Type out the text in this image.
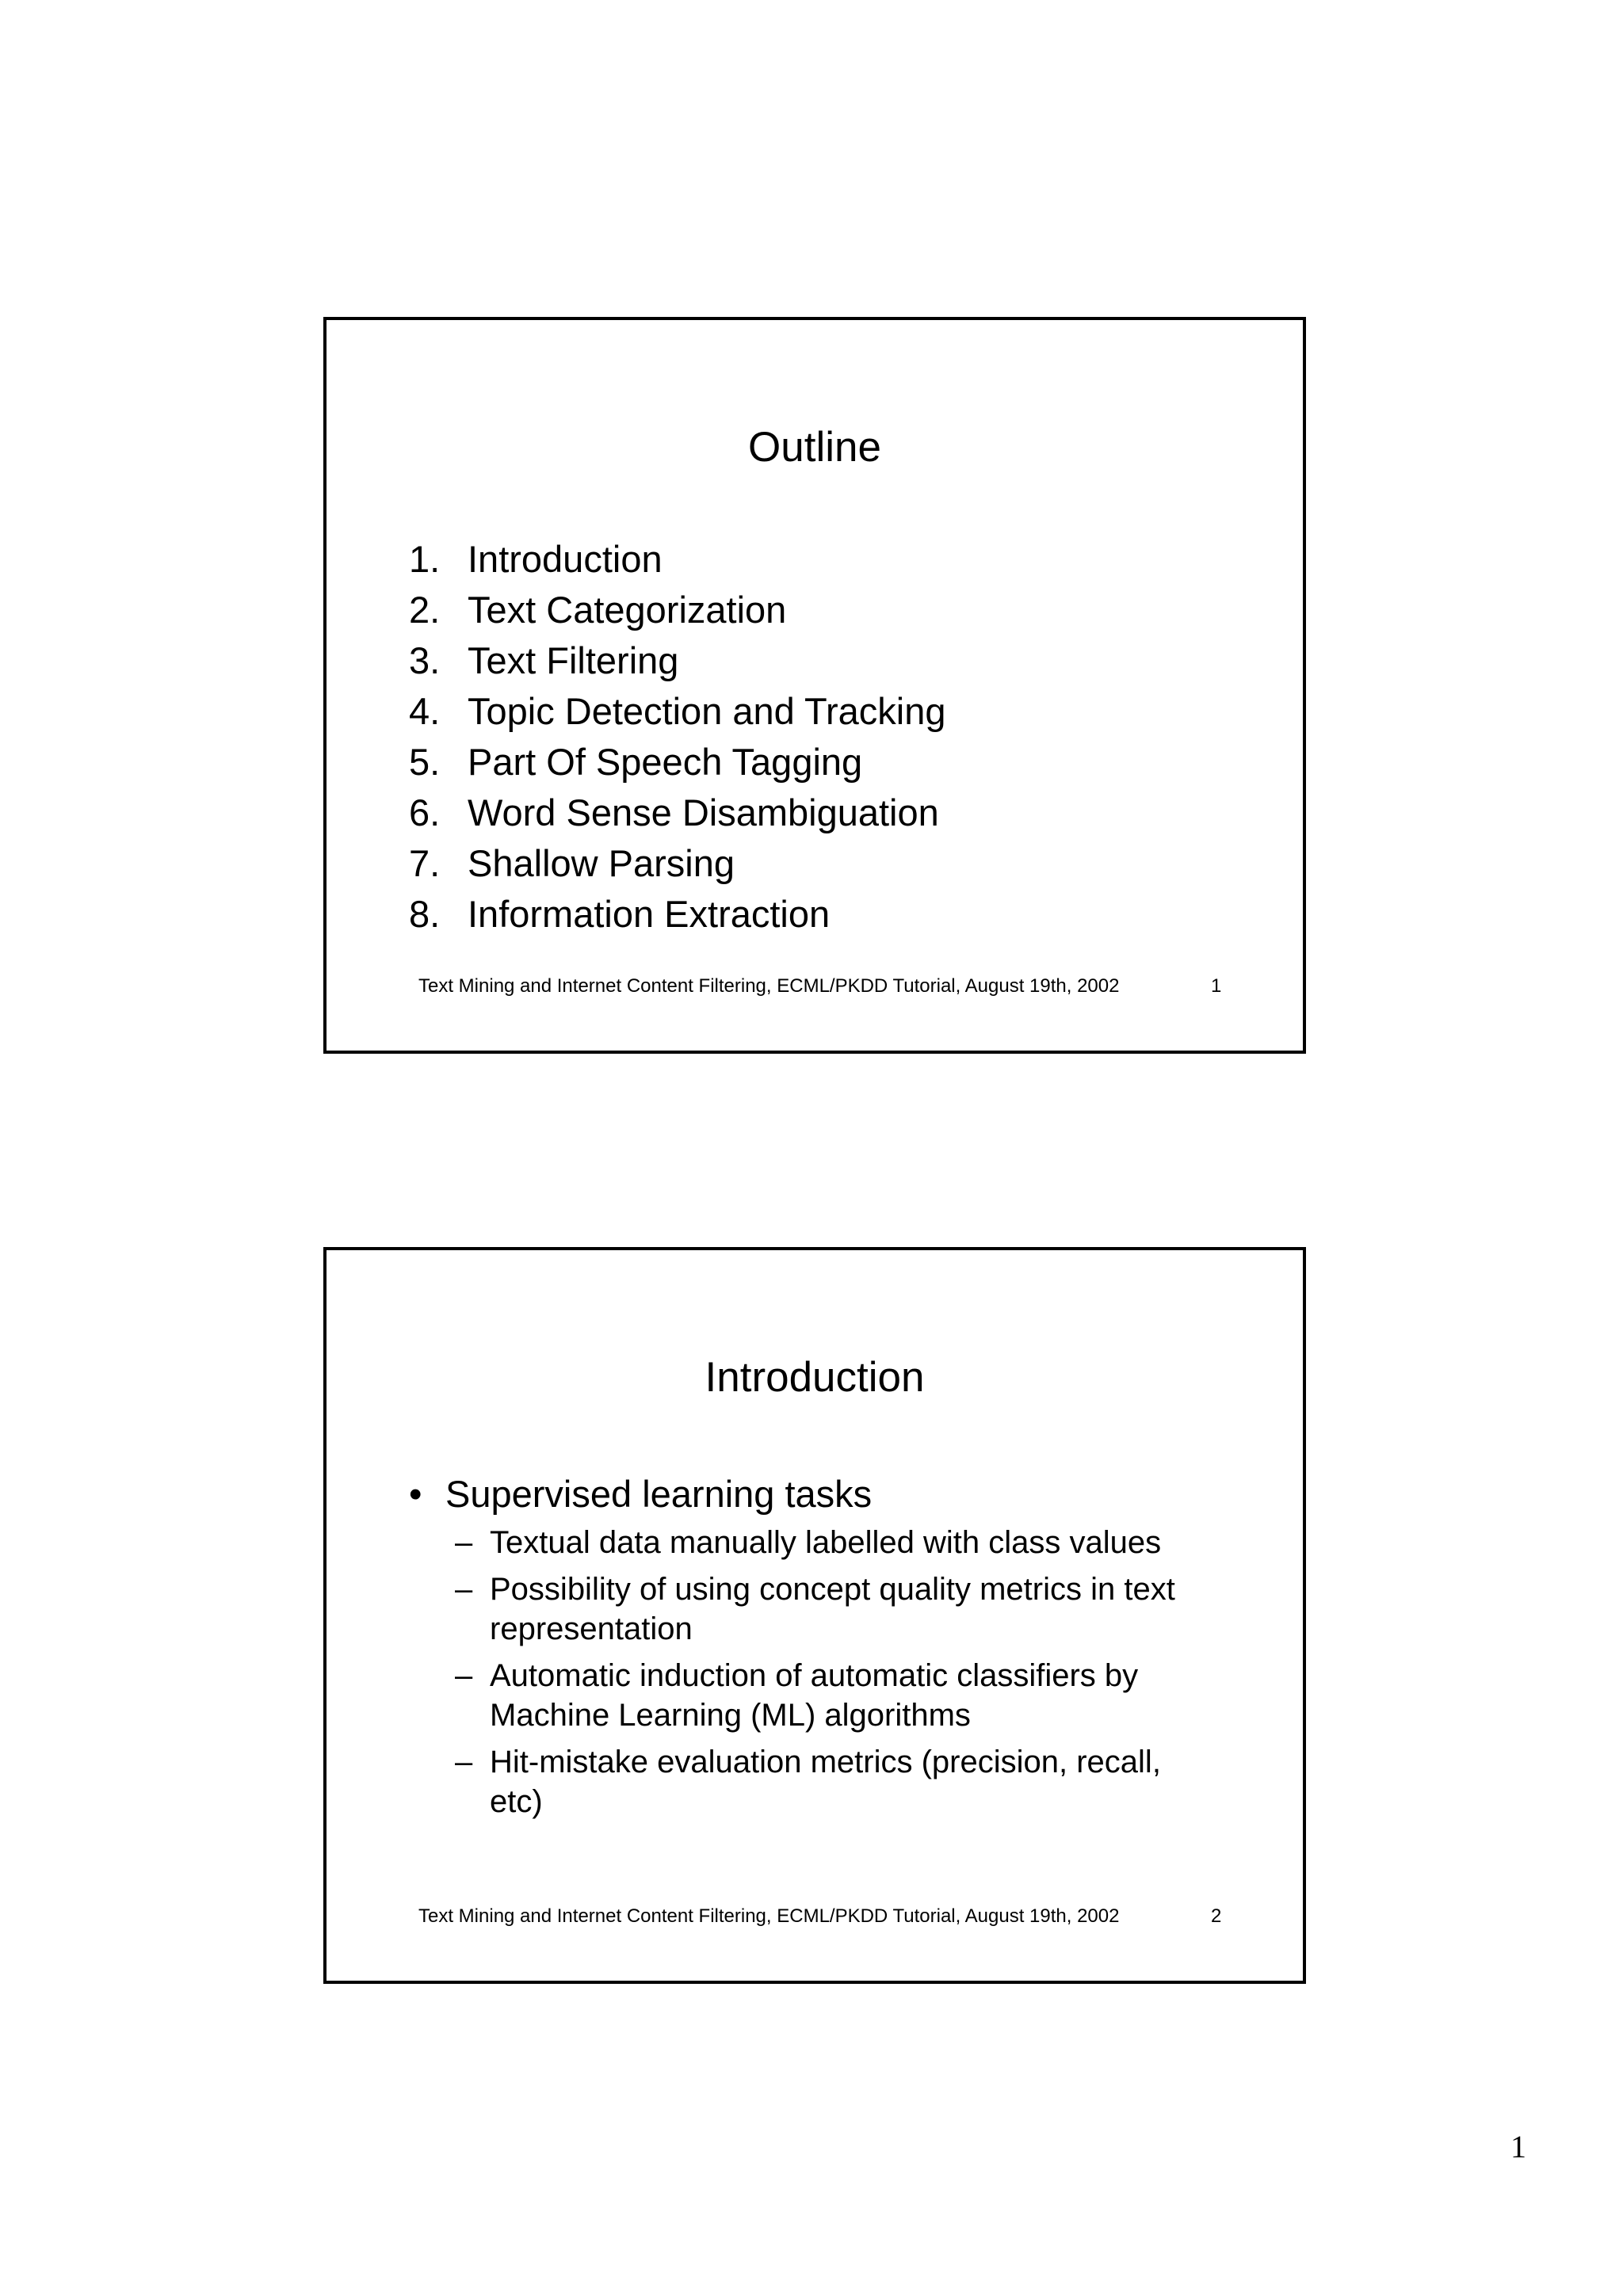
Outline
1. Introduction
2. Text Categorization
3. Text Filtering
4. Topic Detection and Tracking
5. Part Of Speech Tagging
6. Word Sense Disambiguation
7. Shallow Parsing
8. Information Extraction
Text Mining and Internet Content Filtering, ECML/PKDD Tutorial, August 19th, 2002	1
Introduction
• Supervised learning tasks
– Textual data manually labelled with class values
– Possibility of using concept quality metrics in text representation
– Automatic induction of automatic classifiers by Machine Learning (ML) algorithms
– Hit-mistake evaluation metrics (precision, recall, etc)
Text Mining and Internet Content Filtering, ECML/PKDD Tutorial, August 19th, 2002	2
1
